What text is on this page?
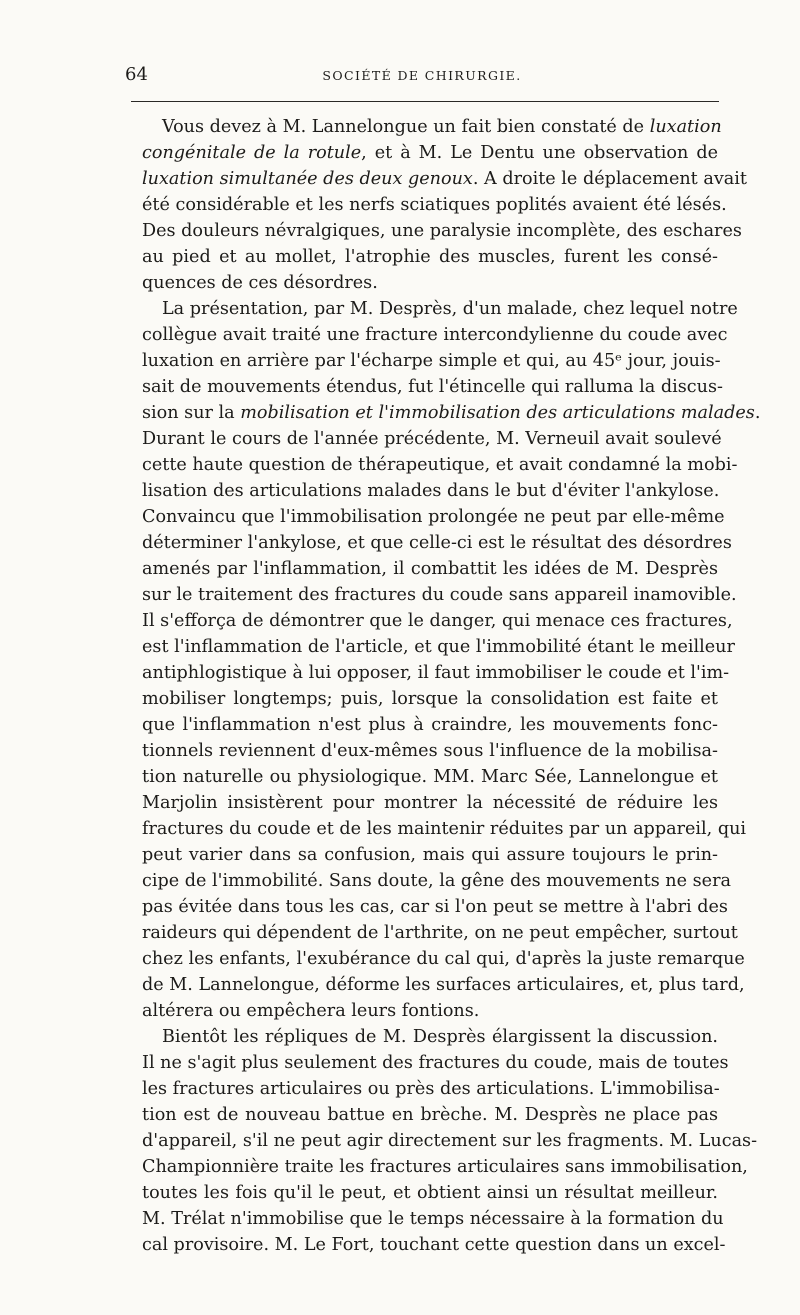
64	SOCIÉTÉ DE CHIRURGIE.
Vous devez à M. Lannelongue un fait bien constaté de luxation
congénitale de la rotule, et à M. Le Dentu une observation de
luxation simultanée des deux genoux. A droite le déplacement avait
été considérable et les nerfs sciatiques poplités avaient été lésés.
Des douleurs névralgiques, une paralysie incomplète, des eschares
au pied et au mollet, l'atrophie des muscles, furent les consé-
quences de ces désordres.
La présentation, par M. Desprès, d'un malade, chez lequel notre
collègue avait traité une fracture intercondylienne du coude avec
luxation en arrière par l'écharpe simple et qui, au 45ᵉ jour, jouis-
sait de mouvements étendus, fut l'étincelle qui ralluma la discus-
sion sur la mobilisation et l'immobilisation des articulations malades.
Durant le cours de l'année précédente, M. Verneuil avait soulevé
cette haute question de thérapeutique, et avait condamné la mobi-
lisation des articulations malades dans le but d'éviter l'ankylose.
Convaincu que l'immobilisation prolongée ne peut par elle-même
déterminer l'ankylose, et que celle-ci est le résultat des désordres
amenés par l'inflammation, il combattit les idées de M. Desprès
sur le traitement des fractures du coude sans appareil inamovible.
Il s'efforça de démontrer que le danger, qui menace ces fractures,
est l'inflammation de l'article, et que l'immobilité étant le meilleur
antiphlogistique à lui opposer, il faut immobiliser le coude et l'im-
mobiliser longtemps; puis, lorsque la consolidation est faite et
que l'inflammation n'est plus à craindre, les mouvements fonc-
tionnels reviennent d'eux-mêmes sous l'influence de la mobilisa-
tion naturelle ou physiologique. MM. Marc Sée, Lannelongue et
Marjolin insistèrent pour montrer la nécessité de réduire les
fractures du coude et de les maintenir réduites par un appareil, qui
peut varier dans sa confusion, mais qui assure toujours le prin-
cipe de l'immobilité. Sans doute, la gêne des mouvements ne sera
pas évitée dans tous les cas, car si l'on peut se mettre à l'abri des
raideurs qui dépendent de l'arthrite, on ne peut empêcher, surtout
chez les enfants, l'exubérance du cal qui, d'après la juste remarque
de M. Lannelongue, déforme les surfaces articulaires, et, plus tard,
altérera ou empêchera leurs fontions.
Bientôt les répliques de M. Desprès élargissent la discussion.
Il ne s'agit plus seulement des fractures du coude, mais de toutes
les fractures articulaires ou près des articulations. L'immobilisa-
tion est de nouveau battue en brèche. M. Desprès ne place pas
d'appareil, s'il ne peut agir directement sur les fragments. M. Lucas-
Championnière traite les fractures articulaires sans immobilisation,
toutes les fois qu'il le peut, et obtient ainsi un résultat meilleur.
M. Trélat n'immobilise que le temps nécessaire à la formation du
cal provisoire. M. Le Fort, touchant cette question dans un excel-
